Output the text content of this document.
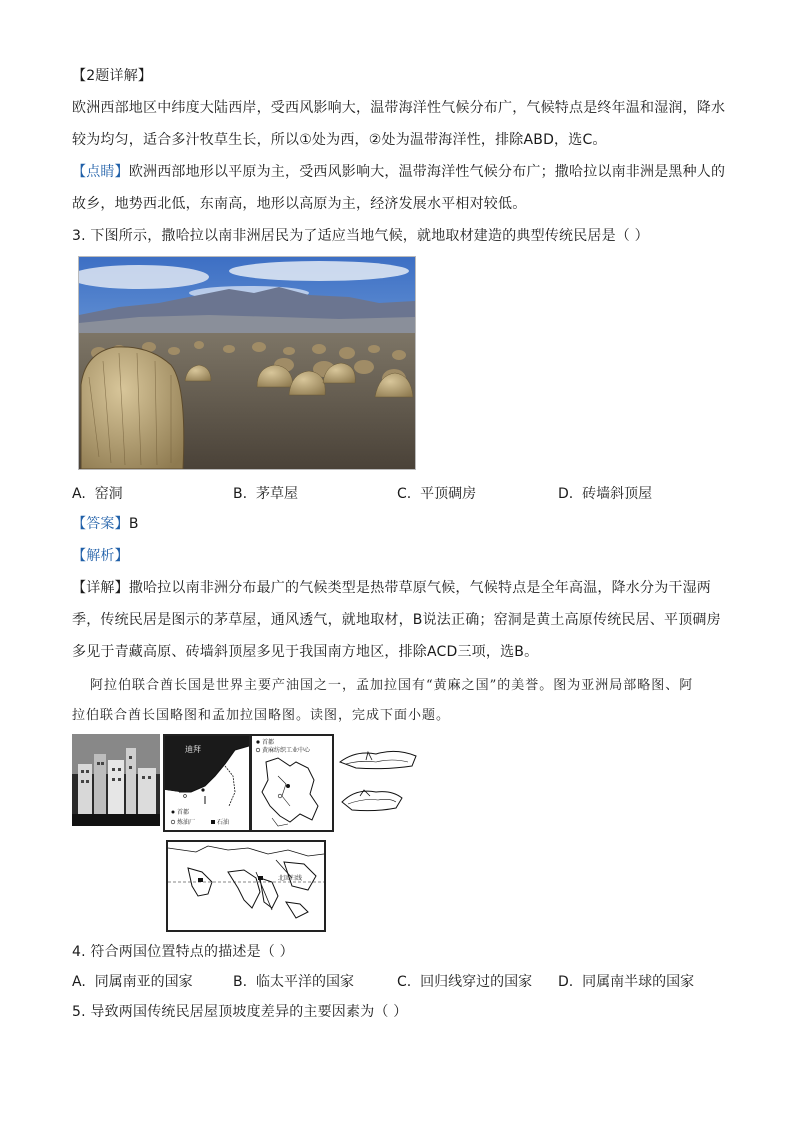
【2题详解】
欧洲西部地区中纬度大陆西岸，受西风影响大，温带海洋性气候分布广，气候特点是终年温和湿润，降水
较为均匀，适合多汁牧草生长，所以①处为西，②处为温带海洋性，排除ABD，选C。
【点睛】欧洲西部地形以平原为主，受西风影响大，温带海洋性气候分布广；撒哈拉以南非洲是黑种人的
故乡，地势西北低，东南高，地形以高原为主，经济发展水平相对较低。
3. 下图所示，撒哈拉以南非洲居民为了适应当地气候，就地取材建造的典型传统民居是（ ）
A. 窑洞	B. 茅草屋	C. 平顶碉房	D. 砖墙斜顶屋
【答案】B
【解析】
【详解】撒哈拉以南非洲分布最广的气候类型是热带草原气候，气候特点是全年高温，降水分为干湿两
季，传统民居是图示的茅草屋，通风透气，就地取材，B说法正确；窑洞是黄土高原传统民居、平顶碉房
多见于青藏高原、砖墙斜顶屋多见于我国南方地区，排除ACD三项，选B。
阿拉伯联合酋长国是世界主要产油国之一，孟加拉国有“黄麻之国”的美誉。图为亚洲局部略图、阿
拉伯联合酋长国略图和孟加拉国略图。读图，完成下面小题。
迪拜
首都
炼油厂	石油
首都
黄麻纺织工业中心
北回归线
4. 符合两国位置特点的描述是（ ）
A. 同属南亚的国家	B. 临太平洋的国家	C. 回归线穿过的国家 D. 同属南半球的国家
5. 导致两国传统民居屋顶坡度差异的主要因素为（ ）
